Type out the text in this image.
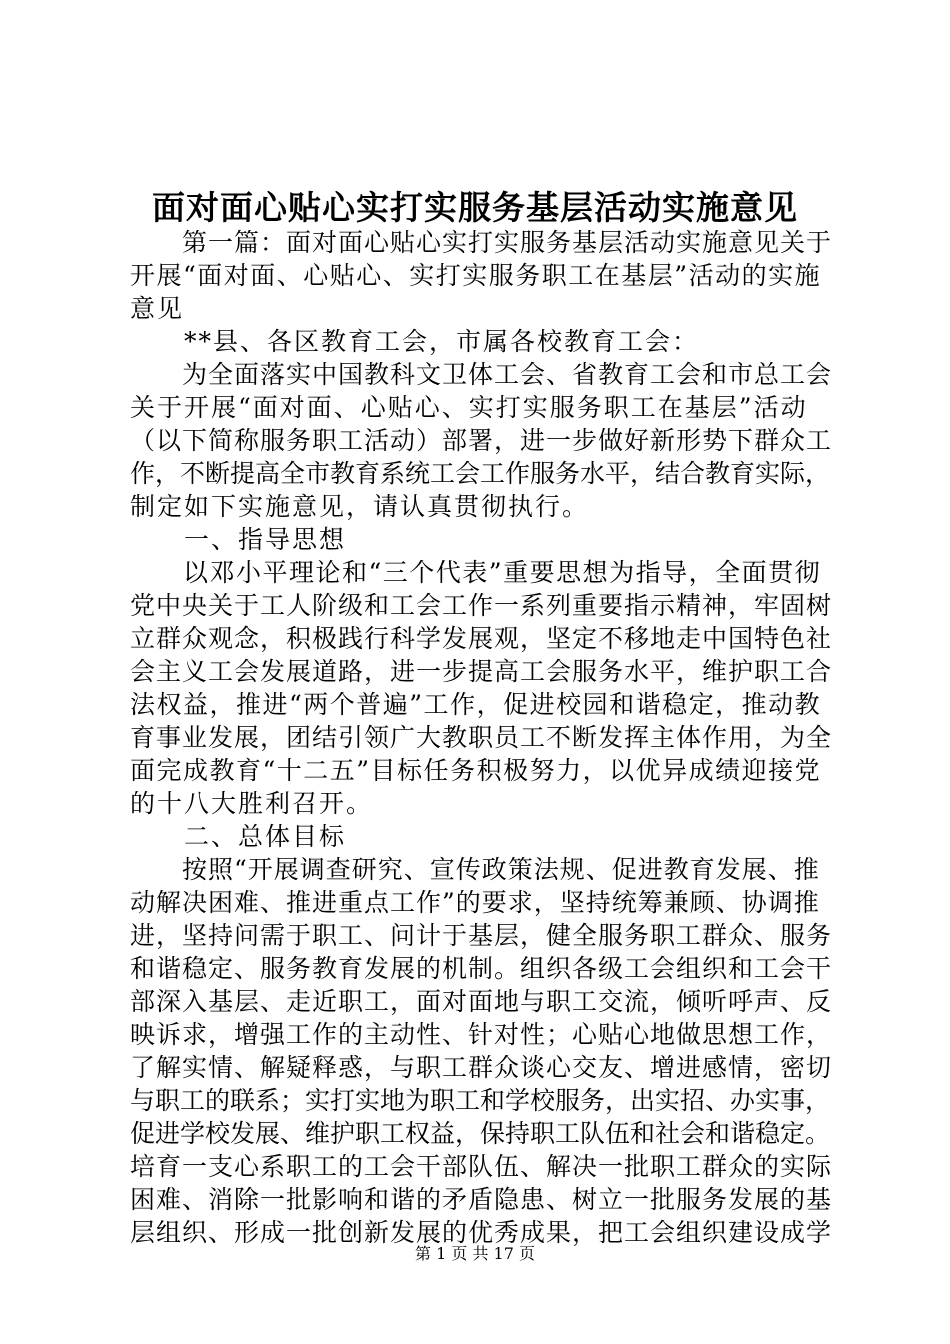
面对面心贴心实打实服务基层活动实施意见
　　第一篇：面对面心贴心实打实服务基层活动实施意见关于
开展“面对面、心贴心、实打实服务职工在基层”活动的实施
意见
　　**县、各区教育工会，市属各校教育工会：
　　为全面落实中国教科文卫体工会、省教育工会和市总工会
关于开展“面对面、心贴心、实打实服务职工在基层”活动
（以下简称服务职工活动）部署，进一步做好新形势下群众工
作，不断提高全市教育系统工会工作服务水平，结合教育实际，
制定如下实施意见，请认真贯彻执行。
　　一、指导思想
　　以邓小平理论和“三个代表”重要思想为指导，全面贯彻
党中央关于工人阶级和工会工作一系列重要指示精神，牢固树
立群众观念，积极践行科学发展观，坚定不移地走中国特色社
会主义工会发展道路，进一步提高工会服务水平，维护职工合
法权益，推进“两个普遍”工作，促进校园和谐稳定，推动教
育事业发展，团结引领广大教职员工不断发挥主体作用，为全
面完成教育“十二五”目标任务积极努力，以优异成绩迎接党
的十八大胜利召开。
　　二、总体目标
　　按照“开展调查研究、宣传政策法规、促进教育发展、推
动解决困难、推进重点工作”的要求，坚持统筹兼顾、协调推
进，坚持问需于职工、问计于基层，健全服务职工群众、服务
和谐稳定、服务教育发展的机制。组织各级工会组织和工会干
部深入基层、走近职工，面对面地与职工交流，倾听呼声、反
映诉求，增强工作的主动性、针对性；心贴心地做思想工作，
了解实情、解疑释惑，与职工群众谈心交友、增进感情，密切
与职工的联系；实打实地为职工和学校服务，出实招、办实事，
促进学校发展、维护职工权益，保持职工队伍和社会和谐稳定。
培育一支心系职工的工会干部队伍、解决一批职工群众的实际
困难、消除一批影响和谐的矛盾隐患、树立一批服务发展的基
层组织、形成一批创新发展的优秀成果，把工会组织建设成学
第 1 页 共 17 页
